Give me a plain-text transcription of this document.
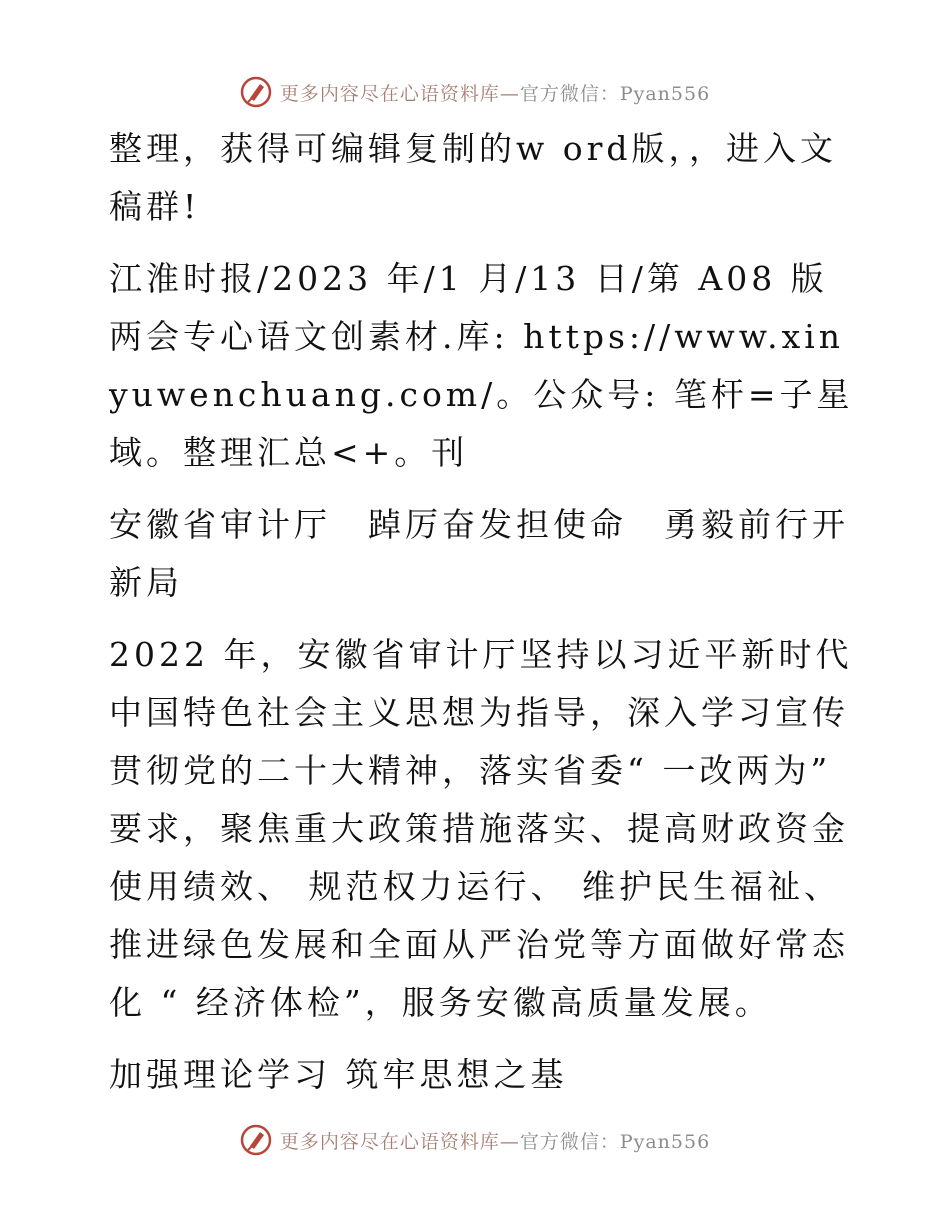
更多内容尽在心语资料库—官方微信：Pyan556

整理，获得可编辑复制的w ord版，，进入文稿群!

江淮时报/2023 年/1 月/13 日/第 A08 版两会专心语文创素材.库: https://www.xinyuwenchuang.com/。公众号: 笔杆=子星域。整理汇总<+。刊

安徽省审计厅　踔厉奋发担使命　勇毅前行开新局

2022 年，安徽省审计厅坚持以习近平新时代中国特色社会主义思想为指导，深入学习宣传贯彻党的二十大精神，落实省委“ 一改两为” 要求，聚焦重大政策措施落实、提高财政资金使用绩效、 规范权力运行、 维护民生福祉、 推进绿色发展和全面从严治党等方面做好常态化 “ 经济体检”，服务安徽高质量发展。

加强理论学习 筑牢思想之基

更多内容尽在心语资料库—官方微信：Pyan556
